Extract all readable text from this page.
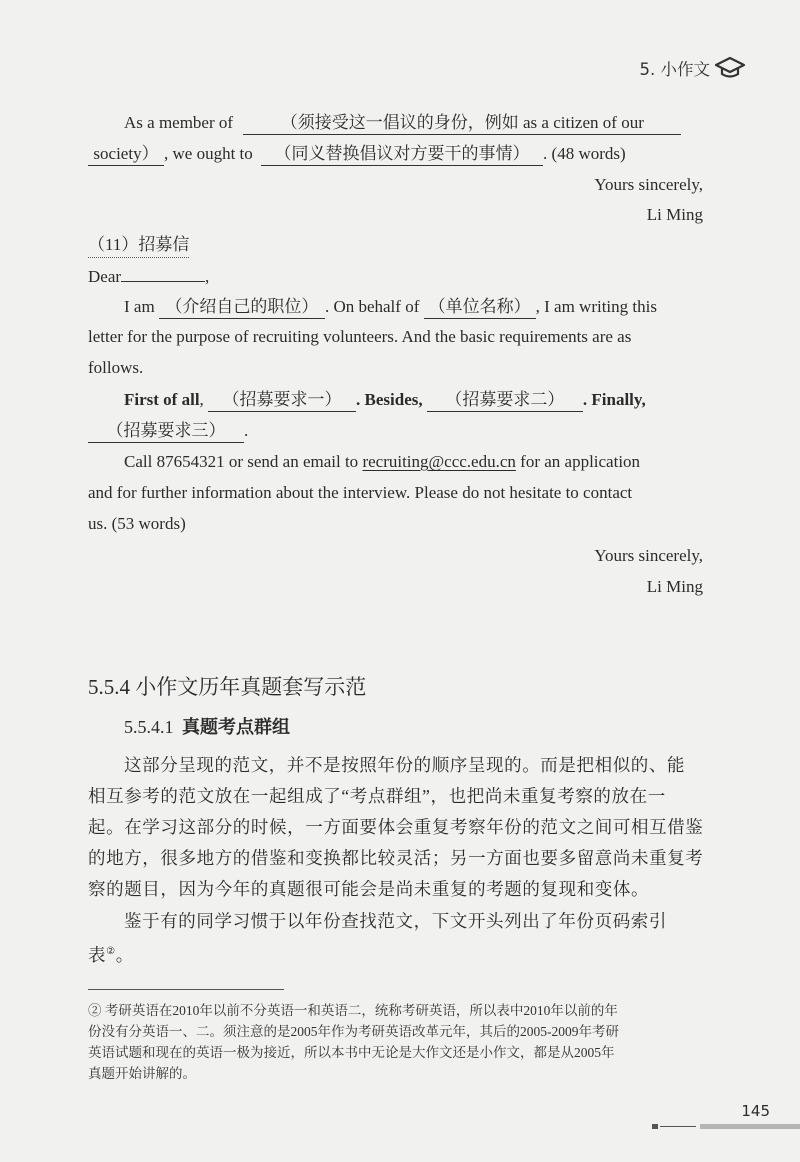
5. 小作文
As a member of	（须接受这一倡议的身份，例如 as a citizen of our
society） , we ought to （同义替换倡议对方要干的事情） . (48 words)
Yours sincerely,
Li Ming
（11）招募信
Dear	,
I am （介绍自己的职位） . On behalf of （单位名称） , I am writing this
letter for the purpose of recruiting volunteers. And the basic requirements are as
follows.
First of all, （招募要求一） . Besides, （招募要求二） . Finally,
（招募要求三） .
Call 87654321 or send an email to recruiting@ccc.edu.cn for an application
and for further information about the interview. Please do not hesitate to contact
us. (53 words)
Yours sincerely,
Li Ming
5.5.4 小作文历年真题套写示范
5.5.4.1 真题考点群组
这部分呈现的范文，并不是按照年份的顺序呈现的。而是把相似的、能
相互参考的范文放在一起组成了“考点群组”，也把尚未重复考察的放在一
起。在学习这部分的时候，一方面要体会重复考察年份的范文之间可相互借鉴
的地方，很多地方的借鉴和变换都比较灵活；另一方面也要多留意尚未重复考
察的题目，因为今年的真题很可能会是尚未重复的考题的复现和变体。
鉴于有的同学习惯于以年份查找范文，下文开头列出了年份页码索引
表②。
② 考研英语在2010年以前不分英语一和英语二，统称考研英语，所以表中2010年以前的年
份没有分英语一、二。须注意的是2005年作为考研英语改革元年，其后的2005-2009年考研
英语试题和现在的英语一极为接近，所以本书中无论是大作文还是小作文，都是从2005年
真题开始讲解的。
145
